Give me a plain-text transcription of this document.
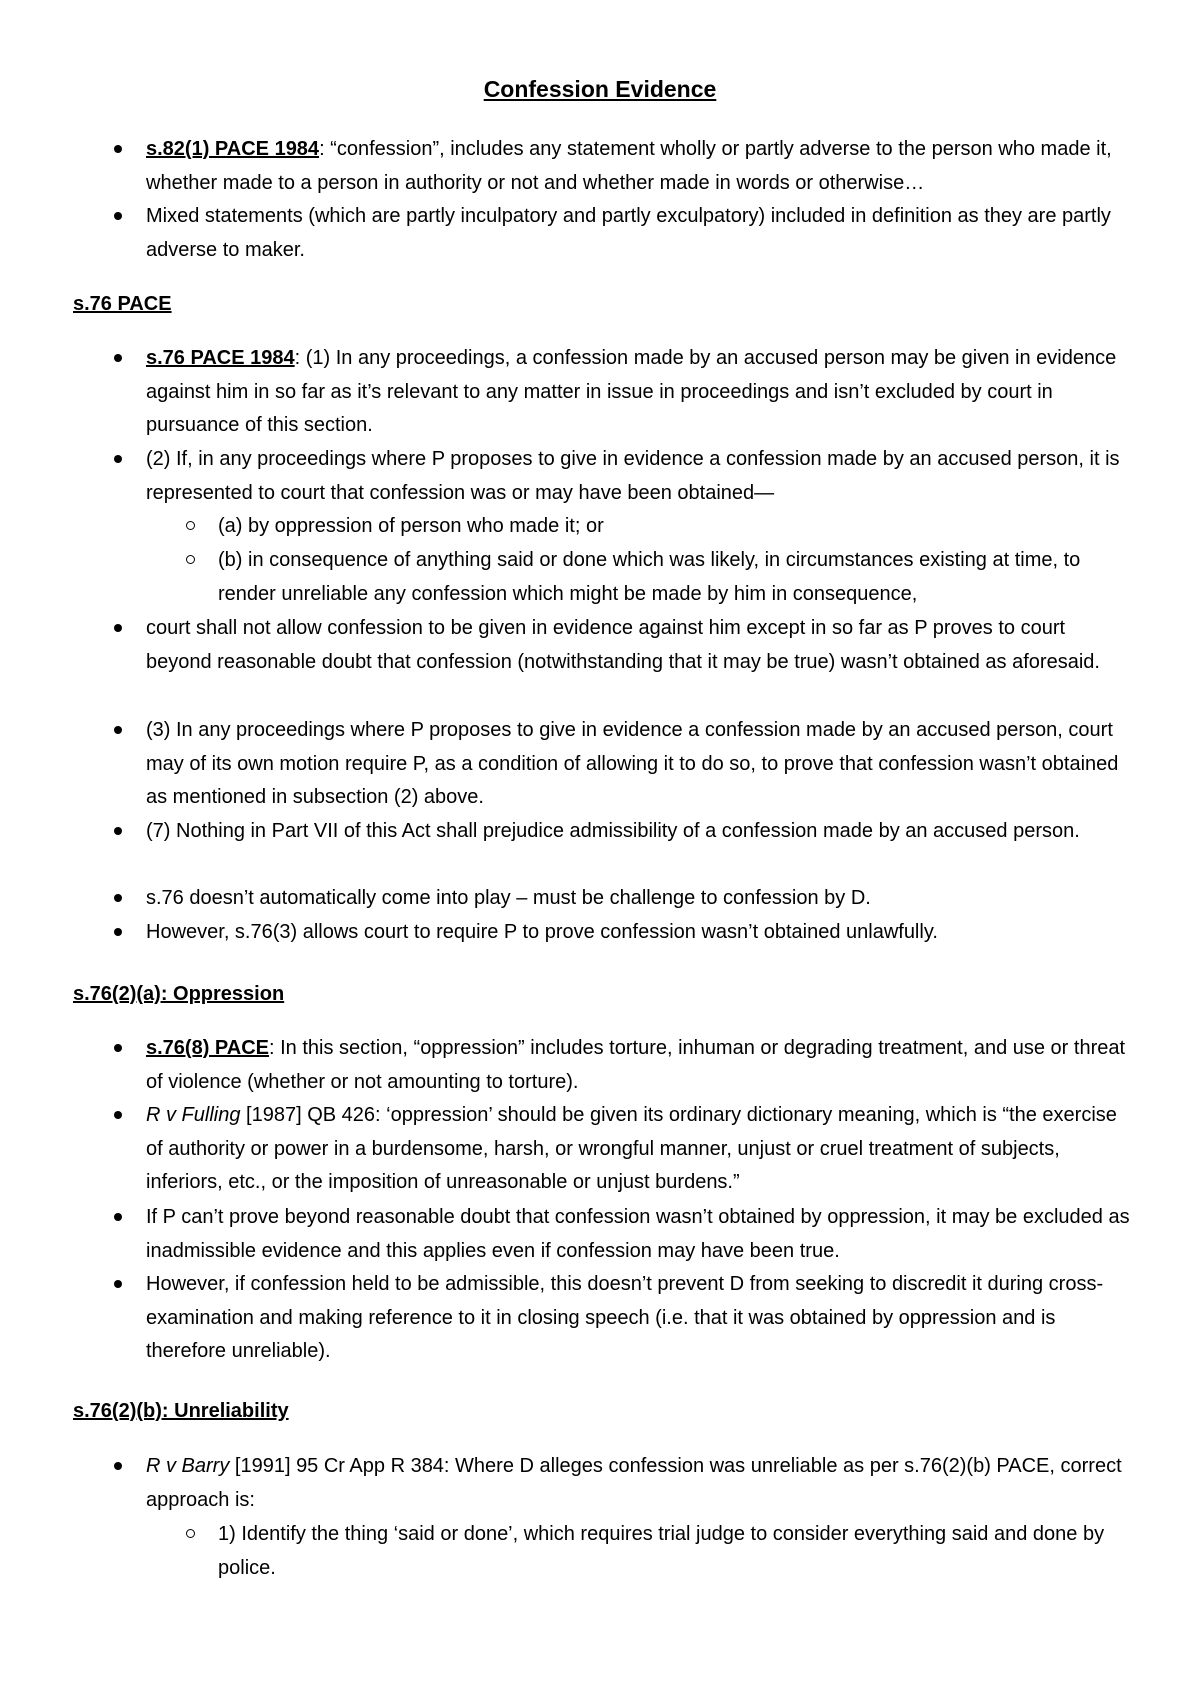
Confession Evidence
s.82(1) PACE 1984: “confession”, includes any statement wholly or partly adverse to the person who made it, whether made to a person in authority or not and whether made in words or otherwise…
Mixed statements (which are partly inculpatory and partly exculpatory) included in definition as they are partly adverse to maker.
s.76 PACE
s.76 PACE 1984: (1) In any proceedings, a confession made by an accused person may be given in evidence against him in so far as it’s relevant to any matter in issue in proceedings and isn’t excluded by court in pursuance of this section.
(2) If, in any proceedings where P proposes to give in evidence a confession made by an accused person, it is represented to court that confession was or may have been obtained—
(a) by oppression of person who made it; or
(b) in consequence of anything said or done which was likely, in circumstances existing at time, to render unreliable any confession which might be made by him in consequence,
court shall not allow confession to be given in evidence against him except in so far as P proves to court beyond reasonable doubt that confession (notwithstanding that it may be true) wasn’t obtained as aforesaid.
(3) In any proceedings where P proposes to give in evidence a confession made by an accused person, court may of its own motion require P, as a condition of allowing it to do so, to prove that confession wasn’t obtained as mentioned in subsection (2) above.
(7) Nothing in Part VII of this Act shall prejudice admissibility of a confession made by an accused person.
s.76 doesn’t automatically come into play – must be challenge to confession by D.
However, s.76(3) allows court to require P to prove confession wasn’t obtained unlawfully.
s.76(2)(a): Oppression
s.76(8) PACE: In this section, “oppression” includes torture, inhuman or degrading treatment, and use or threat of violence (whether or not amounting to torture).
R v Fulling [1987] QB 426: ‘oppression’ should be given its ordinary dictionary meaning, which is “the exercise of authority or power in a burdensome, harsh, or wrongful manner, unjust or cruel treatment of subjects, inferiors, etc., or the imposition of unreasonable or unjust burdens.”
If P can’t prove beyond reasonable doubt that confession wasn’t obtained by oppression, it may be excluded as inadmissible evidence and this applies even if confession may have been true.
However, if confession held to be admissible, this doesn’t prevent D from seeking to discredit it during cross-examination and making reference to it in closing speech (i.e. that it was obtained by oppression and is therefore unreliable).
s.76(2)(b): Unreliability
R v Barry [1991] 95 Cr App R 384: Where D alleges confession was unreliable as per s.76(2)(b) PACE, correct approach is:
1) Identify the thing ‘said or done’, which requires trial judge to consider everything said and done by police.
